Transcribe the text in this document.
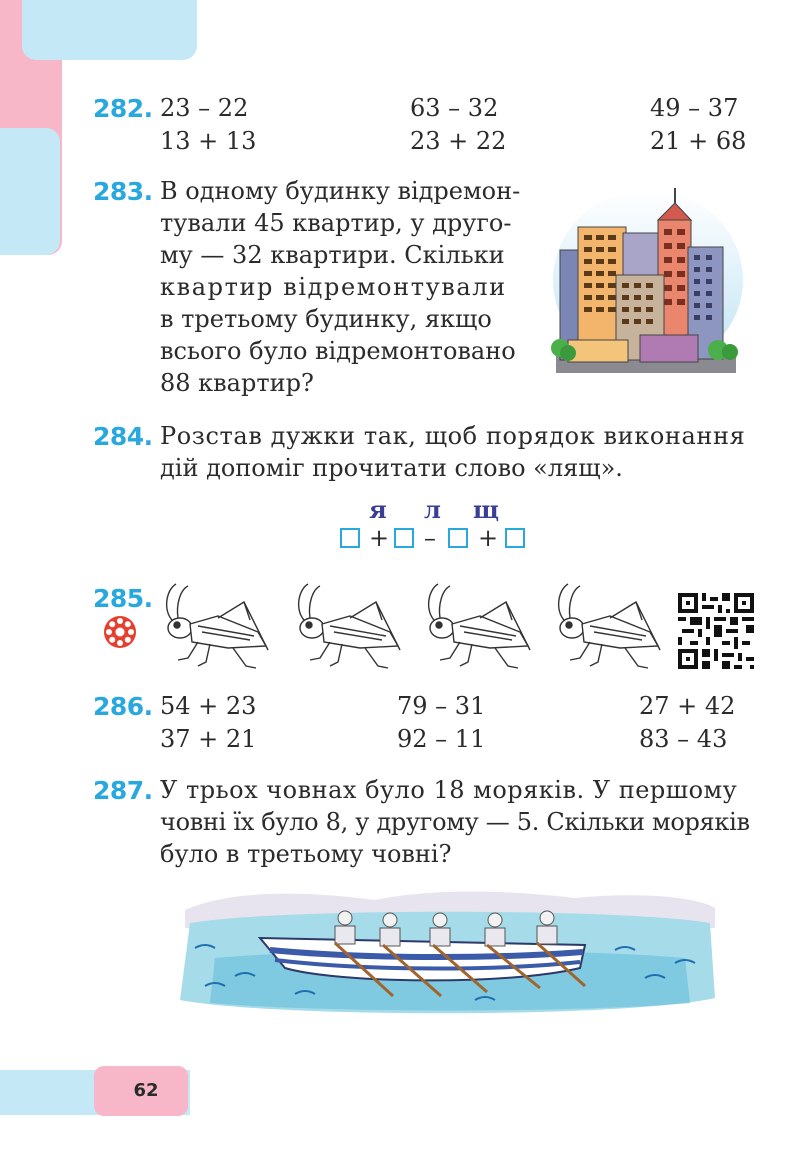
282. 23 – 22	63 – 32	49 – 37
13 + 13	23 + 22	21 + 68
283. В одному будинку відремон-
тували 45 квартир, у друго-
му — 32 квартири. Скільки
квартир відремонтували
в третьому будинку, якщо
всього було відремонтовано
88 квартир?
284. Розстав дужки так, щоб порядок виконання
дій допоміг прочитати слово «лящ».
я л щ
+ – +
285.
286. 54 + 23	79 – 31	27 + 42
37 + 21	92 – 11	83 – 43
287. У трьох човнах було 18 моряків. У першому
човні їх було 8, у другому — 5. Скільки моряків
було в третьому човні?
62
